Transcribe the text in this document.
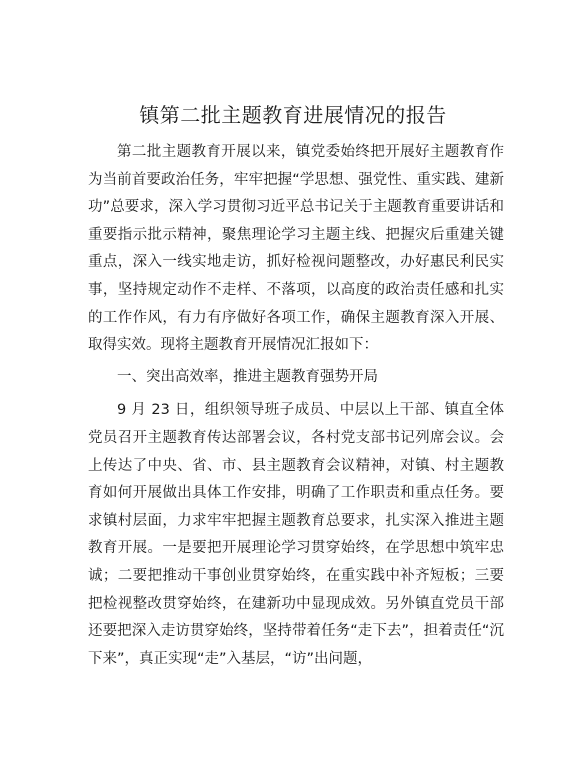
镇第二批主题教育进展情况的报告

第二批主题教育开展以来，镇党委始终把开展好主题教育作为当前首要政治任务，牢牢把握“学思想、强党性、重实践、建新功”总要求，深入学习贯彻习近平总书记关于主题教育重要讲话和重要指示批示精神，聚焦理论学习主题主线、把握灾后重建关键重点，深入一线实地走访，抓好检视问题整改，办好惠民利民实事，坚持规定动作不走样、不落项，以高度的政治责任感和扎实的工作作风，有力有序做好各项工作，确保主题教育深入开展、取得实效。现将主题教育开展情况汇报如下：

一、突出高效率，推进主题教育强势开局

9 月 23 日，组织领导班子成员、中层以上干部、镇直全体党员召开主题教育传达部署会议，各村党支部书记列席会议。会上传达了中央、省、市、县主题教育会议精神，对镇、村主题教育如何开展做出具体工作安排，明确了工作职责和重点任务。要求镇村层面，力求牢牢把握主题教育总要求，扎实深入推进主题教育开展。一是要把开展理论学习贯穿始终，在学思想中筑牢忠诚；二要把推动干事创业贯穿始终，在重实践中补齐短板；三要把检视整改贯穿始终，在建新功中显现成效。另外镇直党员干部还要把深入走访贯穿始终，坚持带着任务“走下去”，担着责任“沉下来”，真正实现“走”入基层，“访”出问题，
